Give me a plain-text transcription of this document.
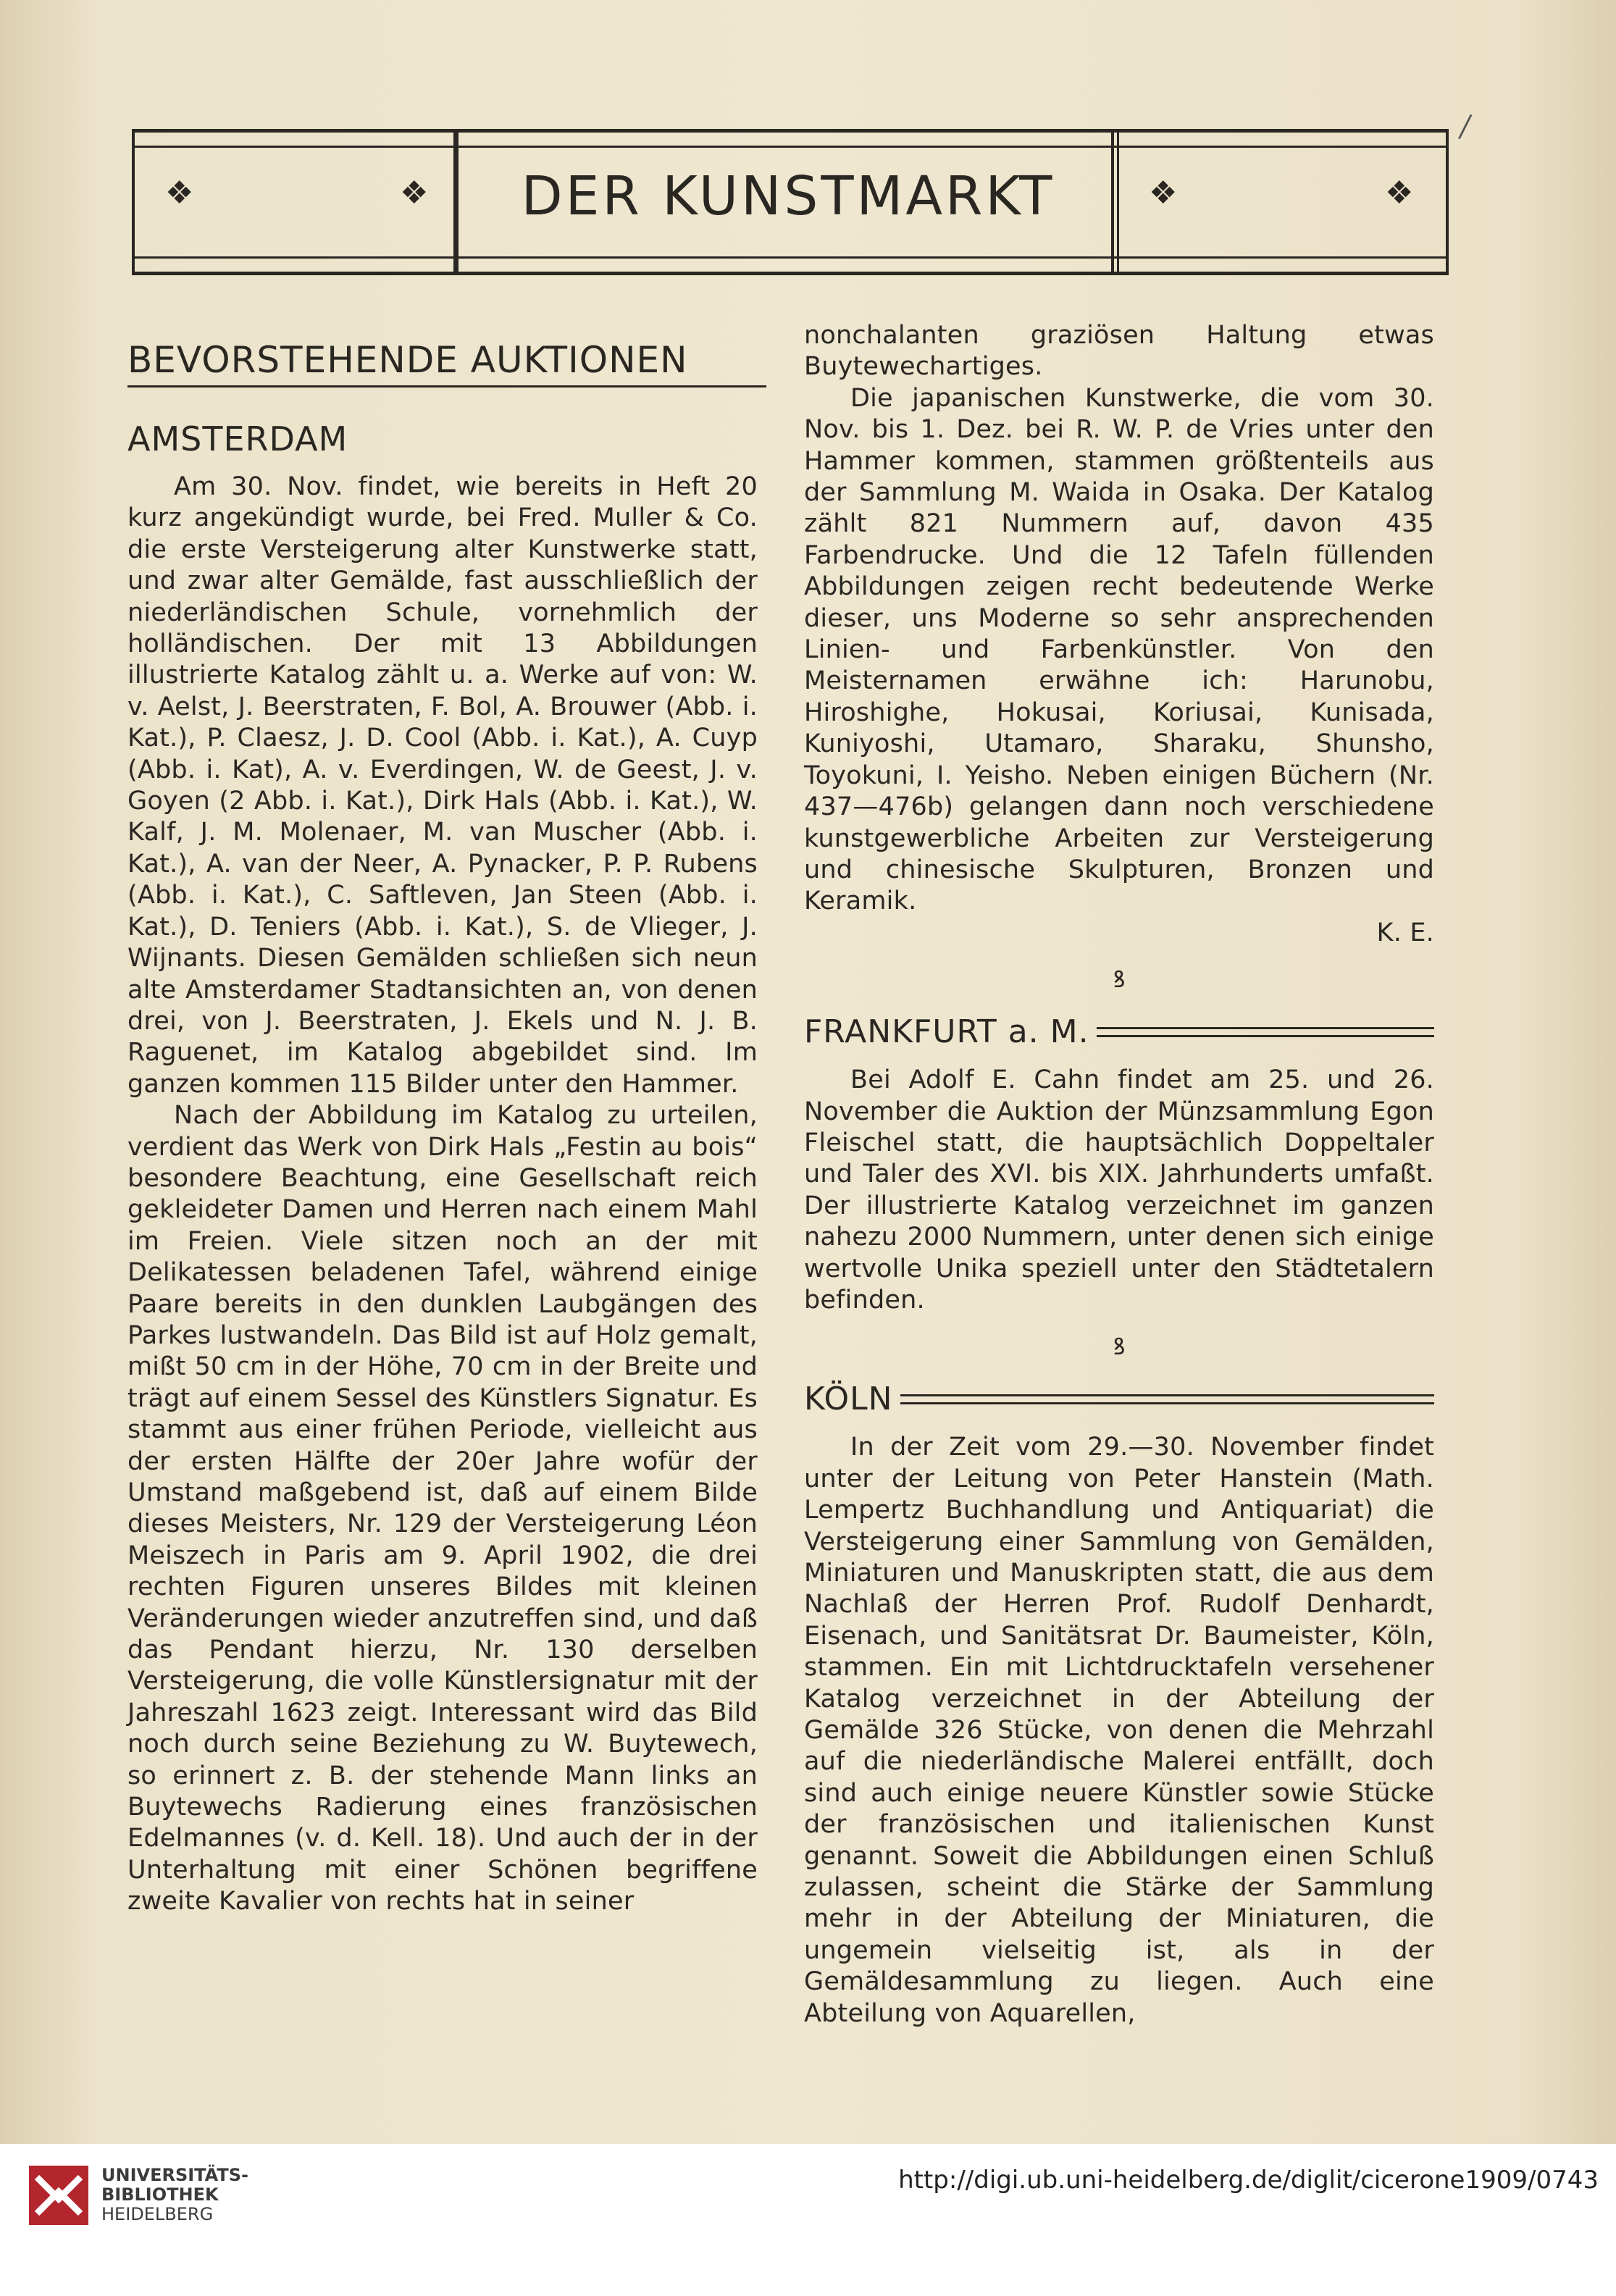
/
❖	❖	❖	❖
DER KUNSTMARKT
BEVORSTEHENDE AUKTIONEN
AMSTERDAM

Am 30. Nov. findet, wie bereits in Heft 20 kurz angekündigt wurde, bei Fred. Muller & Co. die erste Versteigerung alter Kunstwerke statt, und zwar alter Gemälde, fast ausschließlich der niederländischen Schule, vornehmlich der holländischen. Der mit 13 Abbildungen illustrierte Katalog zählt u. a. Werke auf von: W. v. Aelst, J. Beerstraten, F. Bol, A. Brouwer (Abb. i. Kat.), P. Claesz, J. D. Cool (Abb. i. Kat.), A. Cuyp (Abb. i. Kat), A. v. Everdingen, W. de Geest, J. v. Goyen (2 Abb. i. Kat.), Dirk Hals (Abb. i. Kat.), W. Kalf, J. M. Molenaer, M. van Muscher (Abb. i. Kat.), A. van der Neer, A. Pynacker, P. P. Rubens (Abb. i. Kat.), C. Saftleven, Jan Steen (Abb. i. Kat.), D. Teniers (Abb. i. Kat.), S. de Vlieger, J. Wijnants. Diesen Gemälden schließen sich neun alte Amsterdamer Stadtansichten an, von denen drei, von J. Beerstraten, J. Ekels und N. J. B. Raguenet, im Katalog abgebildet sind. Im ganzen kommen 115 Bilder unter den Hammer.

Nach der Abbildung im Katalog zu urteilen, verdient das Werk von Dirk Hals „Festin au bois“ besondere Beachtung, eine Gesellschaft reich gekleideter Damen und Herren nach einem Mahl im Freien. Viele sitzen noch an der mit Delikatessen beladenen Tafel, während einige Paare bereits in den dunklen Laubgängen des Parkes lustwandeln. Das Bild ist auf Holz gemalt, mißt 50 cm in der Höhe, 70 cm in der Breite und trägt auf einem Sessel des Künstlers Signatur. Es stammt aus einer frühen Periode, vielleicht aus der ersten Hälfte der 20er Jahre wofür der Umstand maßgebend ist, daß auf einem Bilde dieses Meisters, Nr. 129 der Versteigerung Léon Meiszech in Paris am 9. April 1902, die drei rechten Figuren unseres Bildes mit kleinen Veränderungen wieder anzutreffen sind, und daß das Pendant hierzu, Nr. 130 derselben Versteigerung, die volle Künstlersignatur mit der Jahreszahl 1623 zeigt. Interessant wird das Bild noch durch seine Beziehung zu W. Buytewech, so erinnert z. B. der stehende Mann links an Buytewechs Radierung eines französischen Edelmannes (v. d. Kell. 18). Und auch der in der Unterhaltung mit einer Schönen begriffene zweite Kavalier von rechts hat in seiner

nonchalanten graziösen Haltung etwas Buytewechartiges.

Die japanischen Kunstwerke, die vom 30. Nov. bis 1. Dez. bei R. W. P. de Vries unter den Hammer kommen, stammen größtenteils aus der Sammlung M. Waida in Osaka. Der Katalog zählt 821 Nummern auf, davon 435 Farbendrucke. Und die 12 Tafeln füllenden Abbildungen zeigen recht bedeutende Werke dieser, uns Moderne so sehr ansprechenden Linien- und Farbenkünstler. Von den Meisternamen erwähne ich: Harunobu, Hiroshighe, Hokusai, Koriusai, Kunisada, Kuniyoshi, Utamaro, Sharaku, Shunsho, Toyokuni, I. Yeisho. Neben einigen Büchern (Nr. 437—476b) gelangen dann noch verschiedene kunstgewerbliche Arbeiten zur Versteigerung und chinesische Skulpturen, Bronzen und Keramik.

K. E.

ꝸ
FRANKFURT a. M.

Bei Adolf E. Cahn findet am 25. und 26. November die Auktion der Münzsammlung Egon Fleischel statt, die hauptsächlich Doppeltaler und Taler des XVI. bis XIX. Jahrhunderts umfaßt. Der illustrierte Katalog verzeichnet im ganzen nahezu 2000 Nummern, unter denen sich einige wertvolle Unika speziell unter den Städtetalern befinden.

ꝸ
KÖLN

In der Zeit vom 29.—30. November findet unter der Leitung von Peter Hanstein (Math. Lempertz Buchhandlung und Antiquariat) die Versteigerung einer Sammlung von Gemälden, Miniaturen und Manuskripten statt, die aus dem Nachlaß der Herren Prof. Rudolf Denhardt, Eisenach, und Sanitätsrat Dr. Baumeister, Köln, stammen. Ein mit Lichtdrucktafeln versehener Katalog verzeichnet in der Abteilung der Gemälde 326 Stücke, von denen die Mehrzahl auf die niederländische Malerei entfällt, doch sind auch einige neuere Künstler sowie Stücke der französischen und italienischen Kunst genannt. Soweit die Abbildungen einen Schluß zulassen, scheint die Stärke der Sammlung mehr in der Abteilung der Miniaturen, die ungemein vielseitig ist, als in der Gemäldesammlung zu liegen. Auch eine Abteilung von Aquarellen,

UNIVERSITÄTS-
BIBLIOTHEK
HEIDELBERG
http://digi.ub.uni-heidelberg.de/diglit/cicerone1909/0743
